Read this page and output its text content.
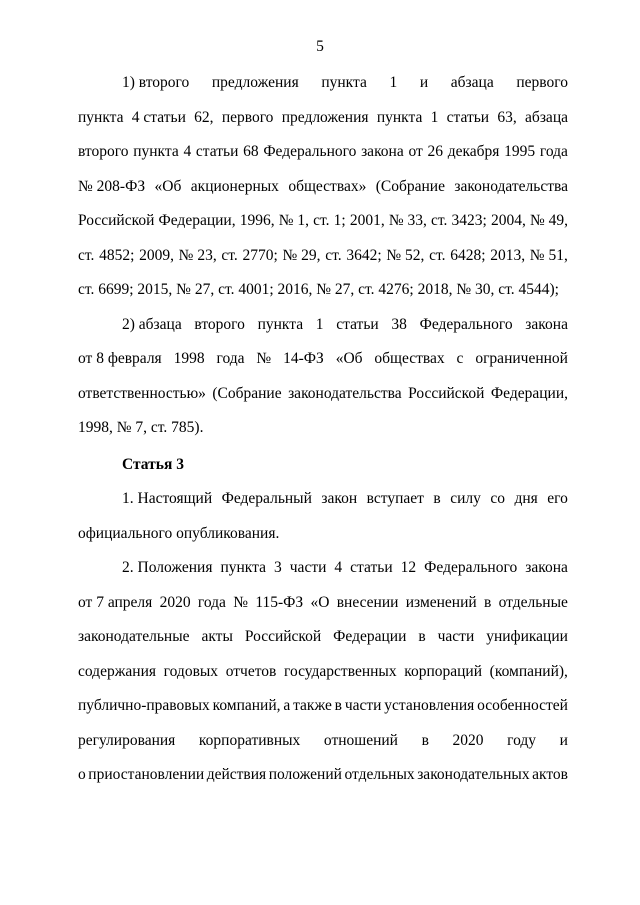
5
1) второго предложения пункта 1 и абзаца первого
пункта 4 статьи 62, первого предложения пункта 1 статьи 63, абзаца
второго пункта 4 статьи 68 Федерального закона от 26 декабря 1995 года
№ 208-ФЗ «Об акционерных обществах» (Собрание законодательства
Российской Федерации, 1996, № 1, ст. 1; 2001, № 33, ст. 3423; 2004, № 49,
ст. 4852; 2009, № 23, ст. 2770; № 29, ст. 3642; № 52, ст. 6428; 2013, № 51,
ст. 6699; 2015, № 27, ст. 4001; 2016, № 27, ст. 4276; 2018, № 30, ст. 4544);
2) абзаца второго пункта 1 статьи 38 Федерального закона
от 8 февраля 1998 года № 14-ФЗ «Об обществах с ограниченной
ответственностью» (Собрание законодательства Российской Федерации,
1998, № 7, ст. 785).
Статья 3
1. Настоящий Федеральный закон вступает в силу со дня его
официального опубликования.
2. Положения пункта 3 части 4 статьи 12 Федерального закона
от 7 апреля 2020 года № 115-ФЗ «О внесении изменений в отдельные
законодательные акты Российской Федерации в части унификации
содержания годовых отчетов государственных корпораций (компаний),
публично-правовых компаний, а также в части установления особенностей
регулирования корпоративных отношений в 2020 году и
о приостановлении действия положений отдельных законодательных актов
